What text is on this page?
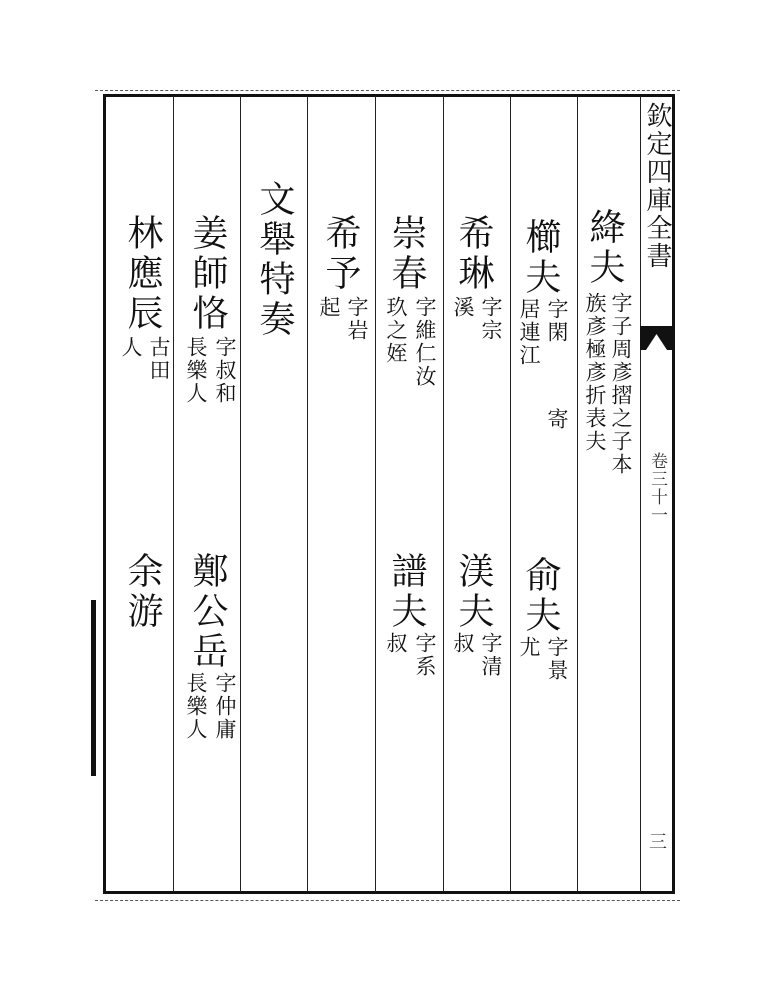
欽定四庫全書
卷三十一
三
絳夫
字子周彥摺之子本
族彥極彥折表夫
櫛夫
字閑
居連江
寄
俞夫
字景
尤
希琳
字宗
溪
渼夫
字清
叔
崇春
字維仁汝
玖之姪
譜夫
字系
叔
希予
字岩
起
文舉特奏
姜師恪
字叔和
長樂人
鄭公岳
字仲庸
長樂人
林應辰
古田
人
余游
